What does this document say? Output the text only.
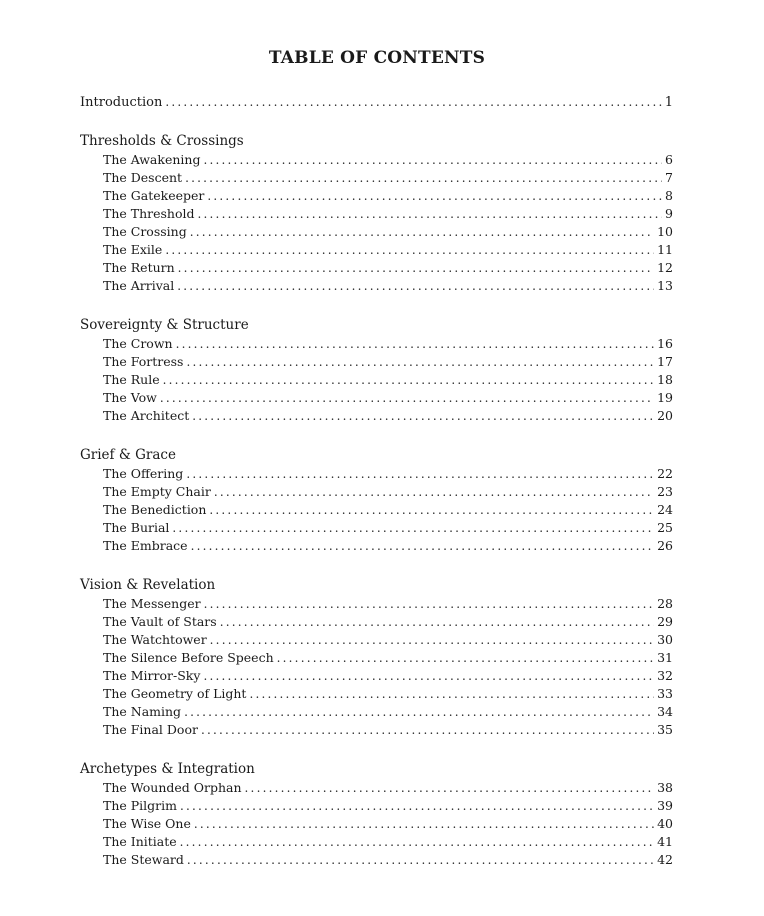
TABLE OF CONTENTS
Introduction .....	1
Thresholds & Crossings
The Awakening .....	6
The Descent .....	7
The Gatekeeper .....	8
The Threshold .....	9
The Crossing .....	10
The Exile .....	11
The Return .....	12
The Arrival .....	13
Sovereignty & Structure
The Crown .....	16
The Fortress .....	17
The Rule .....	18
The Vow .....	19
The Architect .....	20
Grief & Grace
The Offering .....	22
The Empty Chair .....	23
The Benediction .....	24
The Burial .....	25
The Embrace .....	26
Vision & Revelation
The Messenger .....	28
The Vault of Stars .....	29
The Watchtower .....	30
The Silence Before Speech .....	31
The Mirror-Sky .....	32
The Geometry of Light .....	33
The Naming .....	34
The Final Door .....	35
Archetypes & Integration
The Wounded Orphan .....	38
The Pilgrim .....	39
The Wise One .....	40
The Initiate .....	41
The Steward .....	42
